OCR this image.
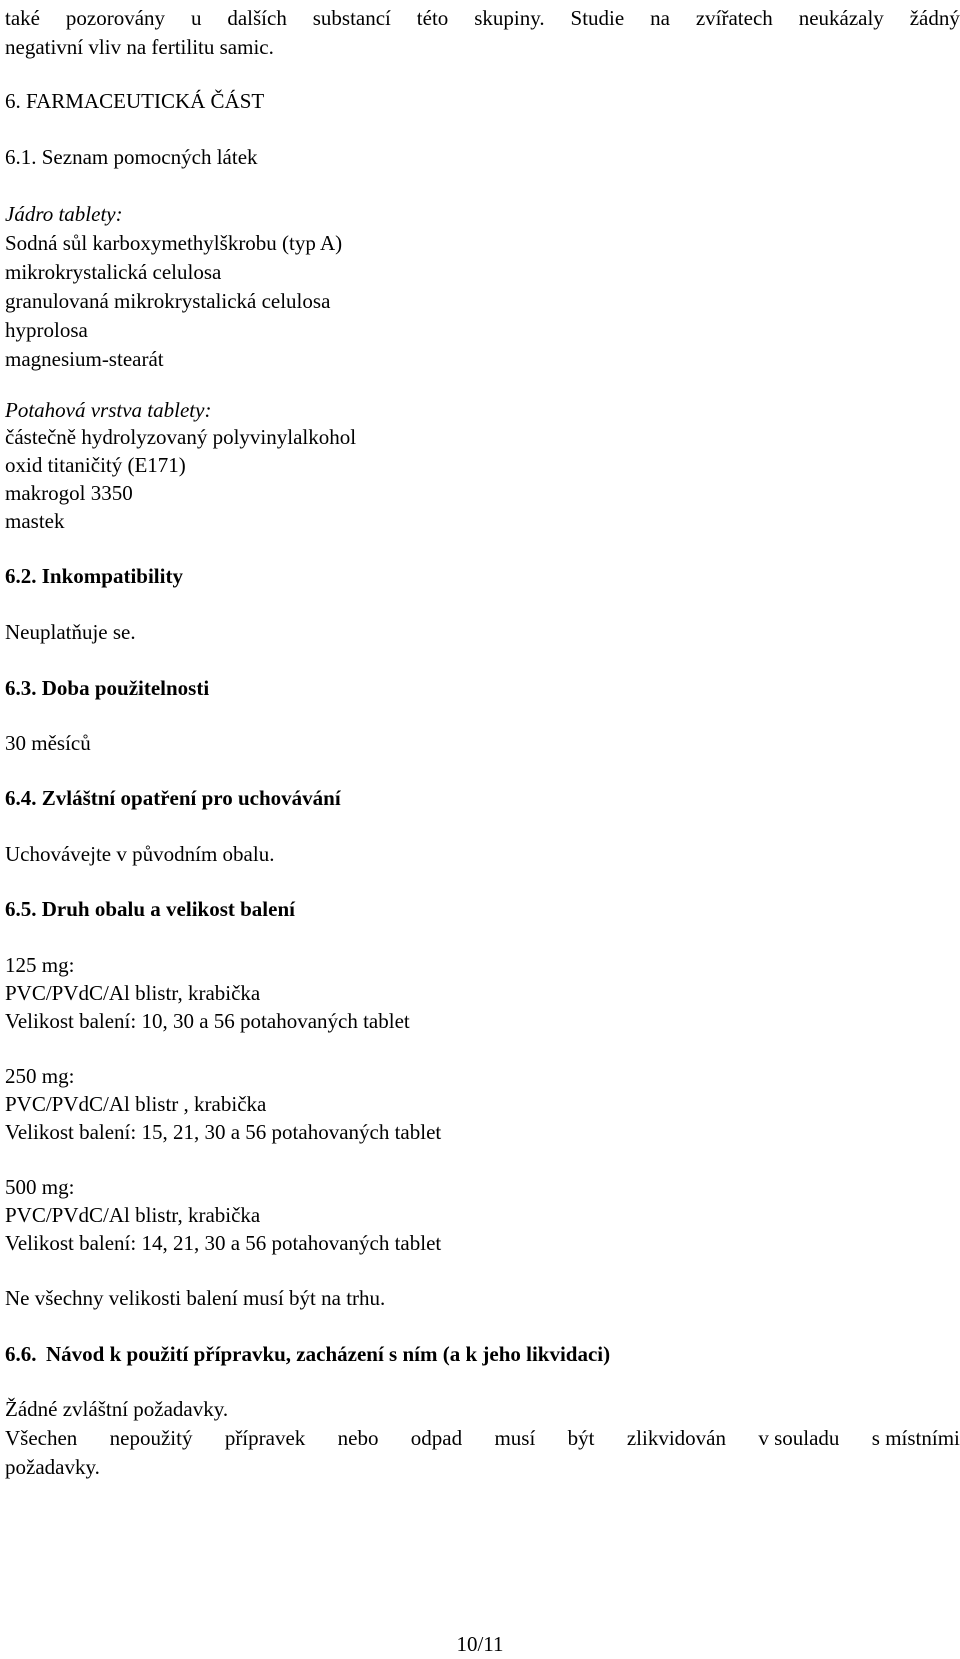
také pozorovány u dalších substancí této skupiny. Studie na zvířatech neukázaly žádný
negativní vliv na fertilitu samic.
6. FARMACEUTICKÁ ČÁST
6.1. Seznam pomocných látek
Jádro tablety:
Sodná sůl karboxymethylškrobu (typ A)
mikrokrystalická celulosa
granulovaná mikrokrystalická celulosa
hyprolosa
magnesium-stearát
Potahová vrstva tablety:
částečně hydrolyzovaný polyvinylalkohol
oxid titaničitý (E171)
makrogol 3350
mastek
6.2. Inkompatibility
Neuplatňuje se.
6.3. Doba použitelnosti
30 měsíců
6.4. Zvláštní opatření pro uchovávání
Uchovávejte v původním obalu.
6.5. Druh obalu a velikost balení
125 mg:
PVC/PVdC/Al blistr, krabička
Velikost balení: 10, 30 a 56 potahovaných tablet
250 mg:
PVC/PVdC/Al blistr , krabička
Velikost balení: 15, 21, 30 a 56 potahovaných tablet
500 mg:
PVC/PVdC/Al blistr, krabička
Velikost balení: 14, 21, 30 a 56 potahovaných tablet
Ne všechny velikosti balení musí být na trhu.
6.6. Návod k použití přípravku, zacházení s ním (a k jeho likvidaci)
Žádné zvláštní požadavky.
Všechen nepoužitý přípravek nebo odpad musí být zlikvidován v souladu s místními
požadavky.
10/11
